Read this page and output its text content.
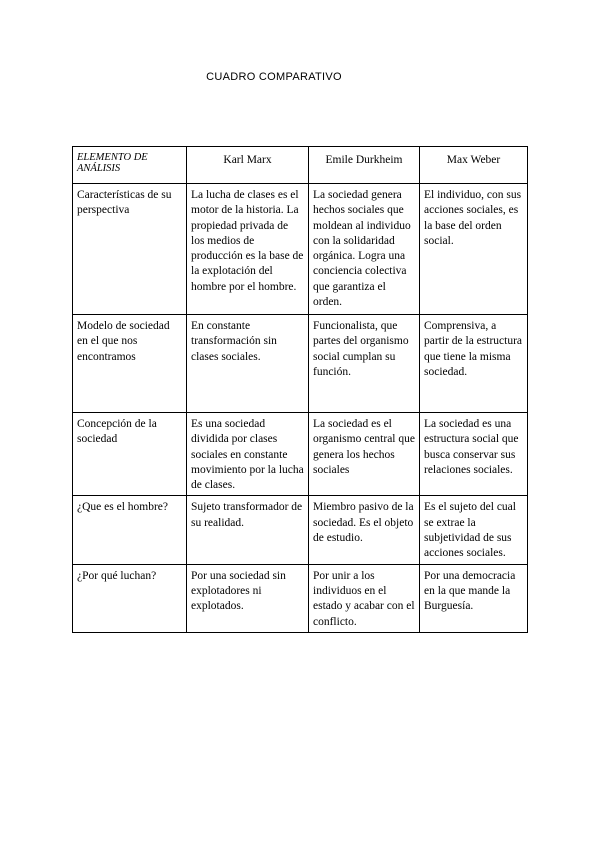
CUADRO COMPARATIVO
ELEMENTO DE ANÁLISIS	Karl Marx	Emile Durkheim	Max Weber
Características de su perspectiva	La lucha de clases es el motor de la historia. La propiedad privada de los medios de producción es la base de la explotación del hombre por el hombre.	La sociedad genera hechos sociales que moldean al individuo con la solidaridad orgánica. Logra una conciencia colectiva que garantiza el orden.	El individuo, con sus acciones sociales, es la base del orden social.
Modelo de sociedad en el que nos encontramos	En constante transformación sin clases sociales.	Funcionalista, que partes del organismo social cumplan su función.	Comprensiva, a partir de la estructura que tiene la misma sociedad.
Concepción de la sociedad	Es una sociedad dividida por clases sociales en constante movimiento por la lucha de clases.	La sociedad es el organismo central que genera los hechos sociales	La sociedad es una estructura social que busca conservar sus relaciones sociales.
¿Que es el hombre?	Sujeto transformador de su realidad.	Miembro pasivo de la sociedad. Es el objeto de estudio.	Es el sujeto del cual se extrae la subjetividad de sus acciones sociales.
¿Por qué luchan?	Por una sociedad sin explotadores ni explotados.	Por unir a los individuos en el estado y acabar con el conflicto.	Por una democracia en la que mande la Burguesía.
